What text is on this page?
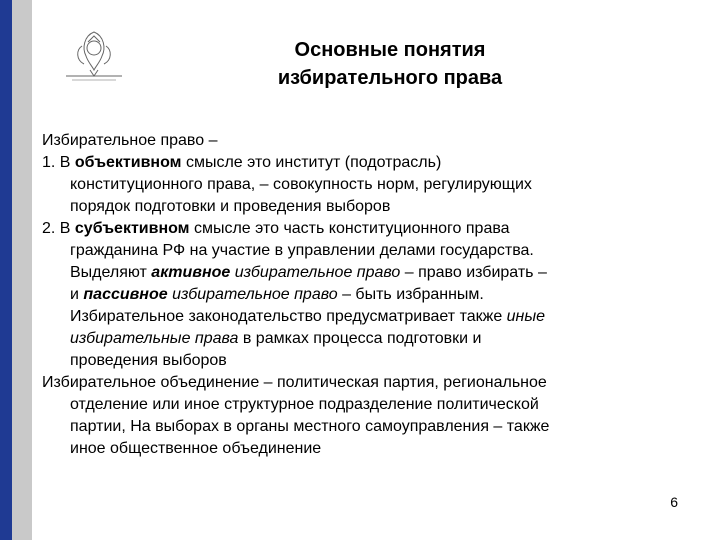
Основные понятия
избирательного права
Избирательное право –
1. В объективном смысле это институт (подотрасль)
конституционного права, – совокупность норм, регулирующих
порядок подготовки и проведения выборов
2. В субъективном смысле это часть конституционного права
гражданина РФ на участие в управлении делами государства.
Выделяют активное избирательное право – право избирать –
и пассивное избирательное право – быть избранным.
Избирательное законодательство предусматривает также иные
избирательные права в рамках процесса подготовки и
проведения выборов
Избирательное объединение – политическая партия, региональное
отделение или иное структурное подразделение политической
партии, На выборах в органы местного самоуправления – также
иное общественное объединение
6
